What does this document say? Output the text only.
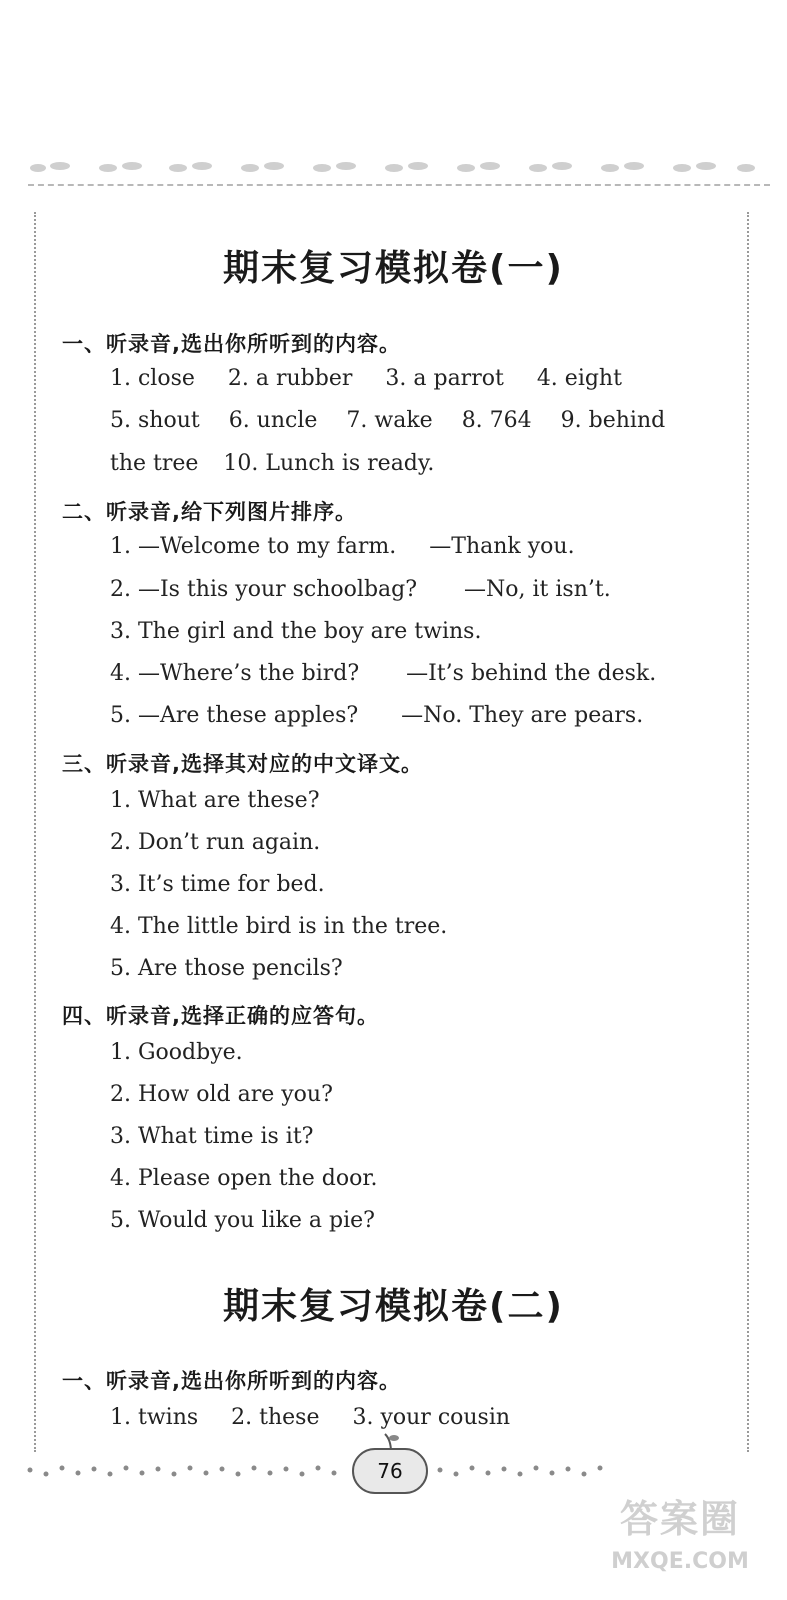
期末复习模拟卷(一)
一、听录音,选出你所听到的内容。
1. close 2. a rubber 3. a parrot 4. eight
5. shout 6. uncle 7. wake 8. 764 9. behind
the tree 10. Lunch is ready.
二、听录音,给下列图片排序。
1. —Welcome to my farm. —Thank you.
2. —Is this your schoolbag? —No, it isn’t.
3. The girl and the boy are twins.
4. —Where’s the bird? —It’s behind the desk.
5. —Are these apples? —No. They are pears.
三、听录音,选择其对应的中文译文。
1. What are these?
2. Don’t run again.
3. It’s time for bed.
4. The little bird is in the tree.
5. Are those pencils?
四、听录音,选择正确的应答句。
1. Goodbye.
2. How old are you?
3. What time is it?
4. Please open the door.
5. Would you like a pie?
期末复习模拟卷(二)
一、听录音,选出你所听到的内容。
1. twins 2. these 3. your cousin
76
答案圈
MXQE.COM
